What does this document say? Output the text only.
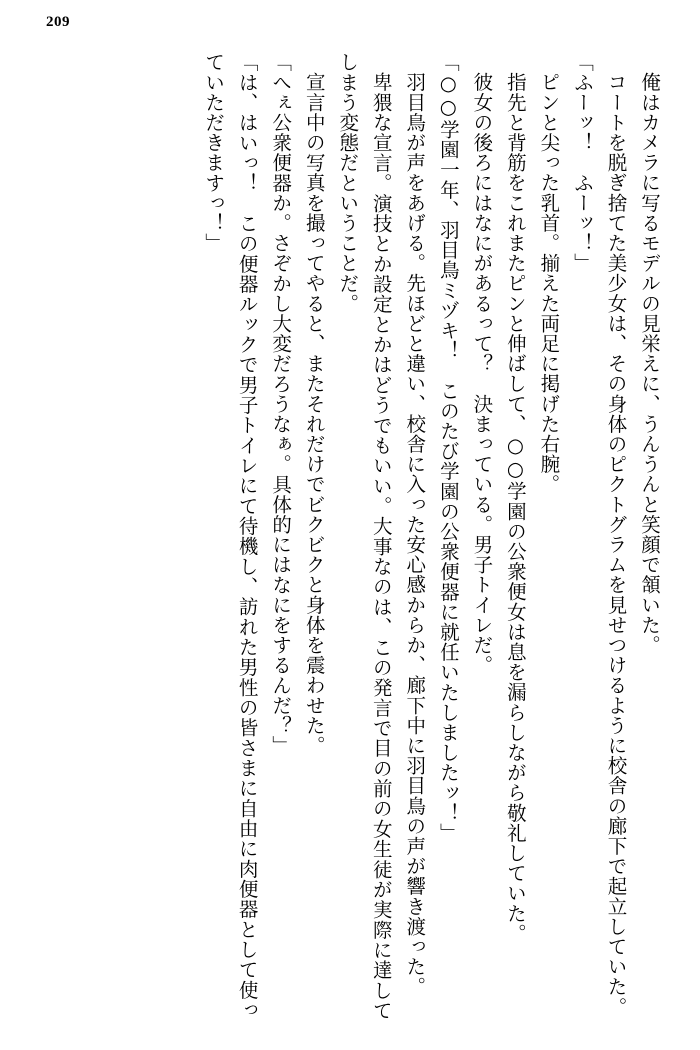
209

俺はカメラに写るモデルの見栄えに、うんうんと笑顔で頷いた。

コートを脱ぎ捨てた美少女は、その身体のピクトグラムを見せつけるように校舎の廊下で起立していた。

「ふーッ！　ふーッ！」

ピンと尖った乳首。揃えた両足に掲げた右腕。

指先と背筋をこれまたピンと伸ばして、○○学園の公衆便女は息を漏らしながら敬礼していた。

彼女の後ろにはなにがあるって？　決まっている。男子トイレだ。

「○○学園一年、羽目鳥ミヅキ！　このたび学園の公衆便器に就任いたしましたッ！」

羽目鳥が声をあげる。先ほどと違い、校舎に入った安心感からか、廊下中に羽目鳥の声が響き渡った。

卑猥な宣言。演技とか設定とかはどうでもいい。大事なのは、この発言で目の前の女生徒が実際に達してしまう変態だということだ。

宣言中の写真を撮ってやると、またそれだけでビクビクと身体を震わせた。

「へぇ公衆便器か。さぞかし大変だろうなぁ。具体的にはなにをするんだ？」

「は、はいっ！　この便器ルックで男子トイレにて待機し、訪れた男性の皆さまに自由に肉便器として使っていただきますっ！」
